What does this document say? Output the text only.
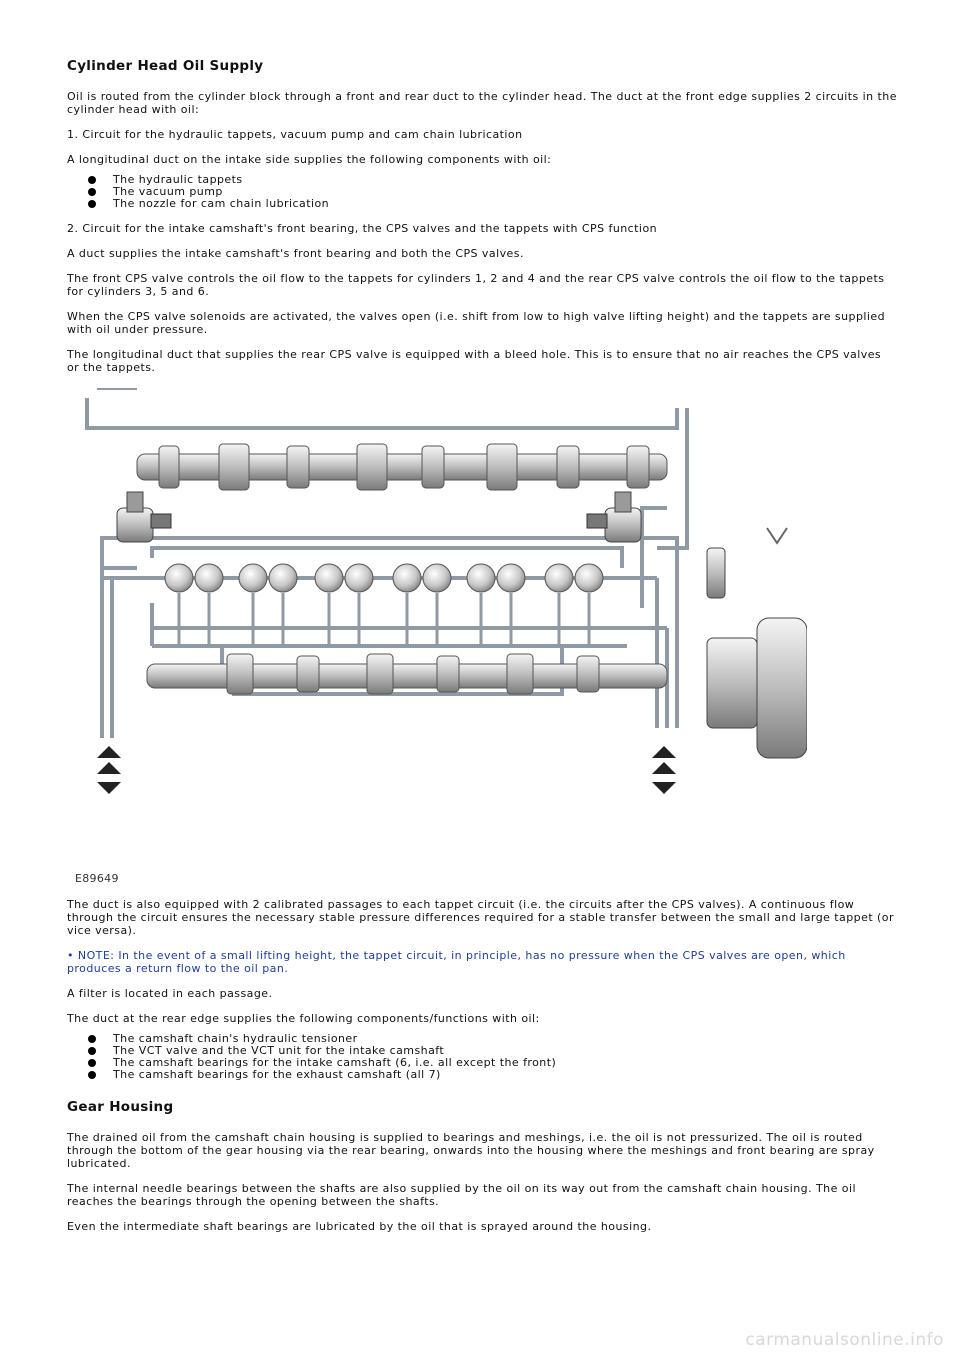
Cylinder Head Oil Supply

Oil is routed from the cylinder block through a front and rear duct to the cylinder head. The duct at the front edge supplies 2 circuits in the cylinder head with oil:

1. Circuit for the hydraulic tappets, vacuum pump and cam chain lubrication

A longitudinal duct on the intake side supplies the following components with oil:

The hydraulic tappets
The vacuum pump
The nozzle for cam chain lubrication

2. Circuit for the intake camshaft's front bearing, the CPS valves and the tappets with CPS function

A duct supplies the intake camshaft's front bearing and both the CPS valves.

The front CPS valve controls the oil flow to the tappets for cylinders 1, 2 and 4 and the rear CPS valve controls the oil flow to the tappets for cylinders 3, 5 and 6.

When the CPS valve solenoids are activated, the valves open (i.e. shift from low to high valve lifting height) and the tappets are supplied with oil under pressure.

The longitudinal duct that supplies the rear CPS valve is equipped with a bleed hole. This is to ensure that no air reaches the CPS valves or the tappets.

E89649

The duct is also equipped with 2 calibrated passages to each tappet circuit (i.e. the circuits after the CPS valves). A continuous flow through the circuit ensures the necessary stable pressure differences required for a stable transfer between the small and large tappet (or vice versa).

• NOTE: In the event of a small lifting height, the tappet circuit, in principle, has no pressure when the CPS valves are open, which produces a return flow to the oil pan.

A filter is located in each passage.

The duct at the rear edge supplies the following components/functions with oil:

The camshaft chain's hydraulic tensioner
The VCT valve and the VCT unit for the intake camshaft
The camshaft bearings for the intake camshaft (6, i.e. all except the front)
The camshaft bearings for the exhaust camshaft (all 7)
Gear Housing

The drained oil from the camshaft chain housing is supplied to bearings and meshings, i.e. the oil is not pressurized. The oil is routed through the bottom of the gear housing via the rear bearing, onwards into the housing where the meshings and front bearing are spray lubricated.

The internal needle bearings between the shafts are also supplied by the oil on its way out from the camshaft chain housing. The oil reaches the bearings through the opening between the shafts.

Even the intermediate shaft bearings are lubricated by the oil that is sprayed around the housing.

carmanualsonline.info
